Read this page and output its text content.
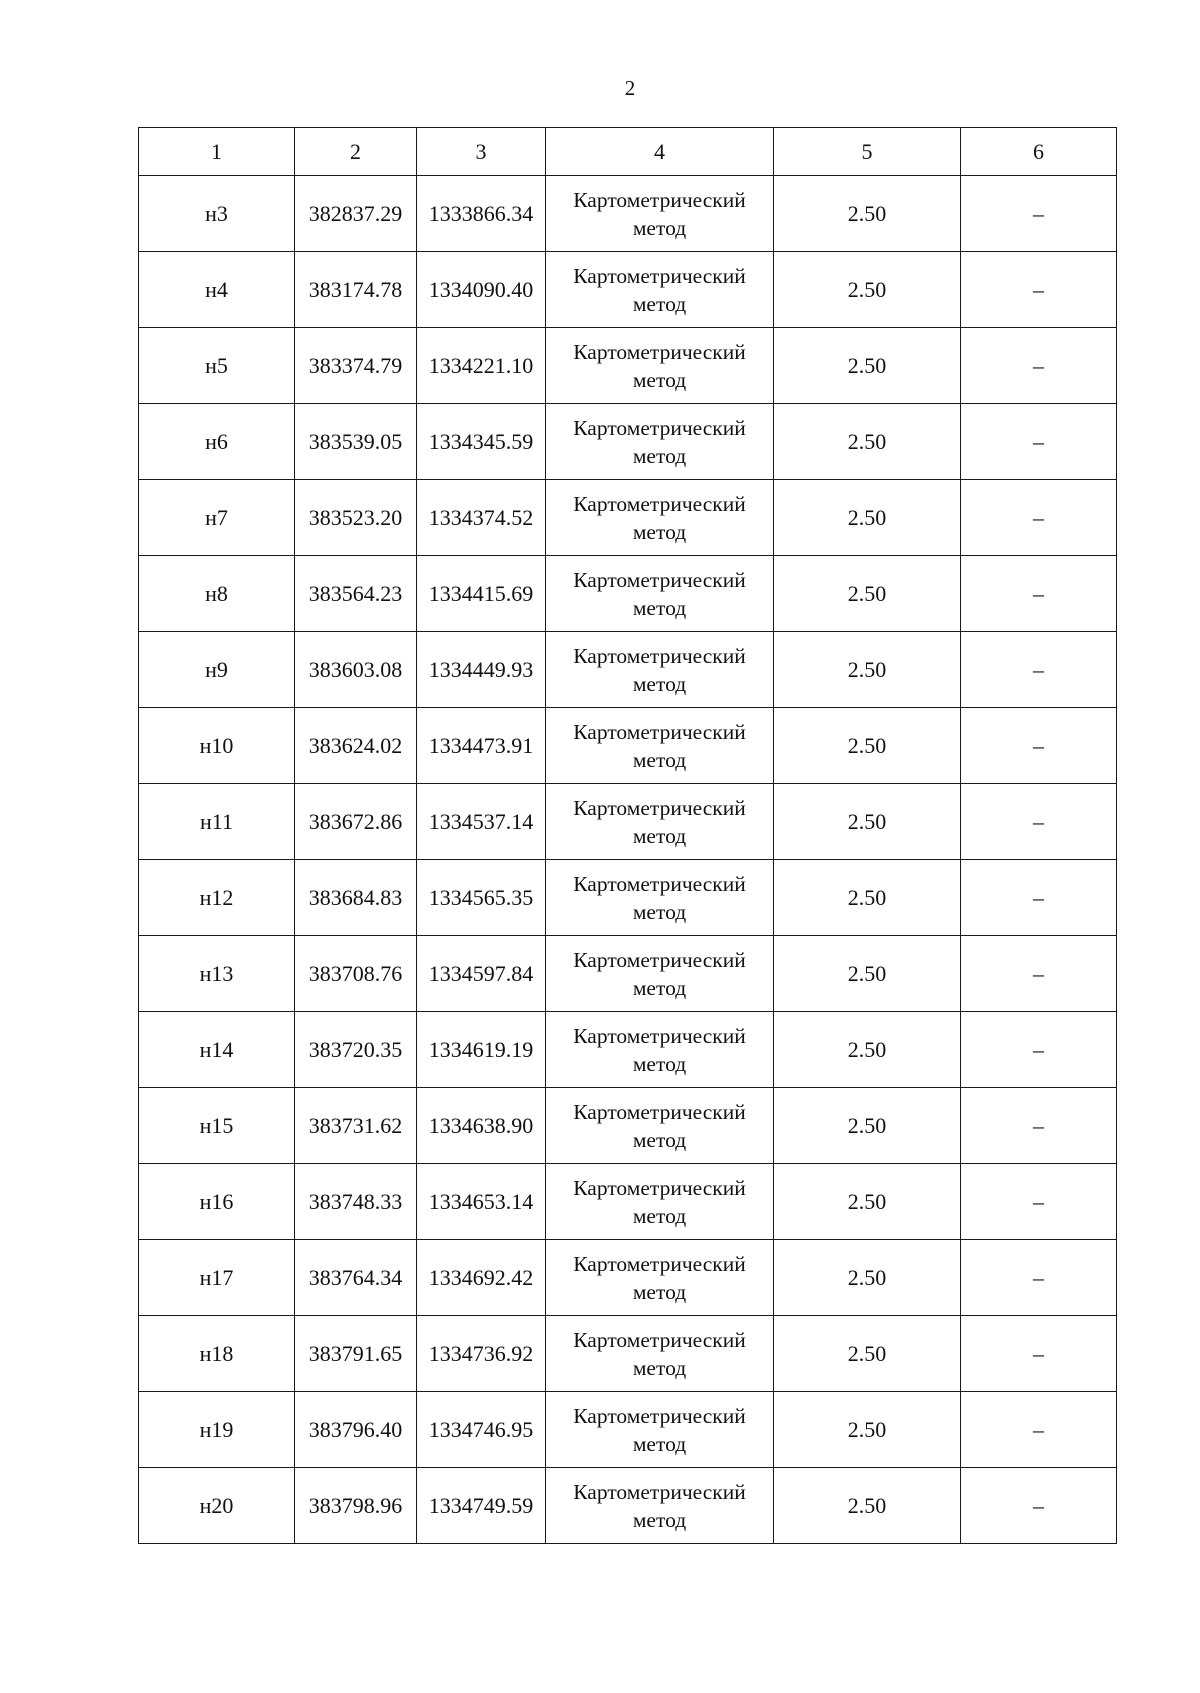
2
1	2	3	4	5	6
н3	382837.29	1333866.34	Картометрический метод	2.50	–
н4	383174.78	1334090.40	Картометрический метод	2.50	–
н5	383374.79	1334221.10	Картометрический метод	2.50	–
н6	383539.05	1334345.59	Картометрический метод	2.50	–
н7	383523.20	1334374.52	Картометрический метод	2.50	–
н8	383564.23	1334415.69	Картометрический метод	2.50	–
н9	383603.08	1334449.93	Картометрический метод	2.50	–
н10	383624.02	1334473.91	Картометрический метод	2.50	–
н11	383672.86	1334537.14	Картометрический метод	2.50	–
н12	383684.83	1334565.35	Картометрический метод	2.50	–
н13	383708.76	1334597.84	Картометрический метод	2.50	–
н14	383720.35	1334619.19	Картометрический метод	2.50	–
н15	383731.62	1334638.90	Картометрический метод	2.50	–
н16	383748.33	1334653.14	Картометрический метод	2.50	–
н17	383764.34	1334692.42	Картометрический метод	2.50	–
н18	383791.65	1334736.92	Картометрический метод	2.50	–
н19	383796.40	1334746.95	Картометрический метод	2.50	–
н20	383798.96	1334749.59	Картометрический метод	2.50	–
